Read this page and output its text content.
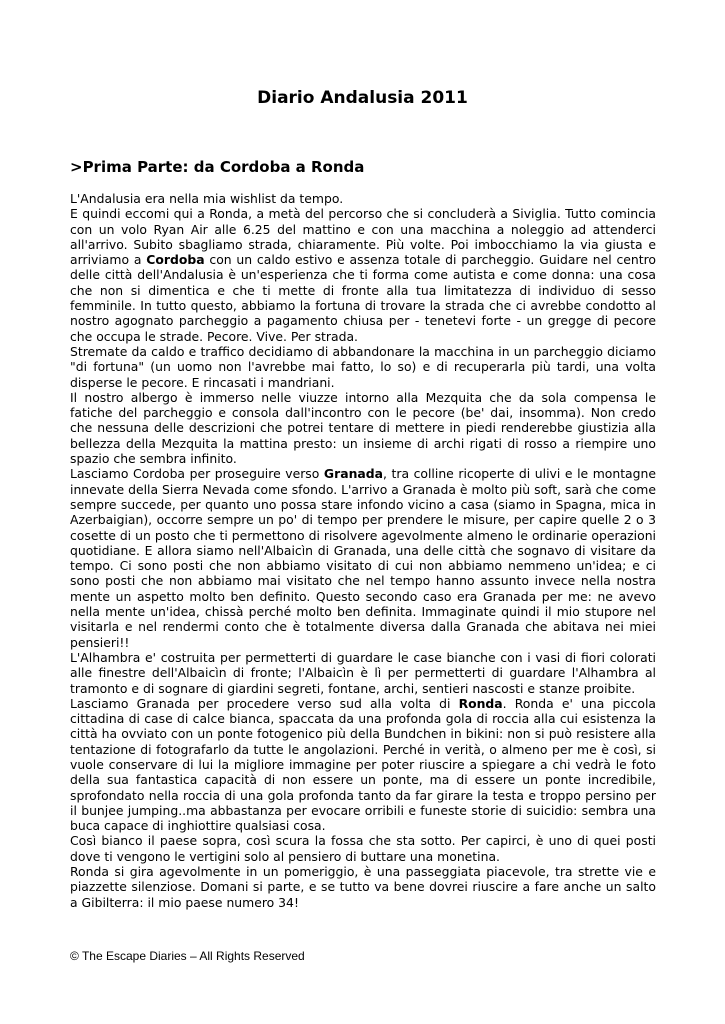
Diario Andalusia 2011
>Prima Parte: da Cordoba a Ronda

L'Andalusia era nella mia wishlist da tempo.

E quindi eccomi qui a Ronda, a metà del percorso che si concluderà a Siviglia. Tutto comincia con un volo Ryan Air alle 6.25 del mattino e con una macchina a noleggio ad attenderci all'arrivo. Subito sbagliamo strada, chiaramente. Più volte. Poi imbocchiamo la via giusta e arriviamo a Cordoba con un caldo estivo e assenza totale di parcheggio. Guidare nel centro delle città dell'Andalusia è un'esperienza che ti forma come autista e come donna: una cosa che non si dimentica e che ti mette di fronte alla tua limitatezza di individuo di sesso femminile. In tutto questo, abbiamo la fortuna di trovare la strada che ci avrebbe condotto al nostro agognato parcheggio a pagamento chiusa per - tenetevi forte - un gregge di pecore che occupa le strade. Pecore. Vive. Per strada.

Stremate da caldo e traffico decidiamo di abbandonare la macchina in un parcheggio diciamo "di fortuna" (un uomo non l'avrebbe mai fatto, lo so) e di recuperarla più tardi, una volta disperse le pecore. E rincasati i mandriani.

Il nostro albergo è immerso nelle viuzze intorno alla Mezquita che da sola compensa le fatiche del parcheggio e consola dall'incontro con le pecore (be' dai, insomma). Non credo che nessuna delle descrizioni che potrei tentare di mettere in piedi renderebbe giustizia alla bellezza della Mezquita la mattina presto: un insieme di archi rigati di rosso a riempire uno spazio che sembra infinito.

Lasciamo Cordoba per proseguire verso Granada, tra colline ricoperte di ulivi e le montagne innevate della Sierra Nevada come sfondo. L'arrivo a Granada è molto più soft, sarà che come sempre succede, per quanto uno possa stare infondo vicino a casa (siamo in Spagna, mica in Azerbaigian), occorre sempre un po' di tempo per prendere le misure, per capire quelle 2 o 3 cosette di un posto che ti permettono di risolvere agevolmente almeno le ordinarie operazioni quotidiane. E allora siamo nell'Albaicìn di Granada, una delle città che sognavo di visitare da tempo. Ci sono posti che non abbiamo visitato di cui non abbiamo nemmeno un'idea; e ci sono posti che non abbiamo mai visitato che nel tempo hanno assunto invece nella nostra mente un aspetto molto ben definito. Questo secondo caso era Granada per me: ne avevo nella mente un'idea, chissà perché molto ben definita. Immaginate quindi il mio stupore nel visitarla e nel rendermi conto che è totalmente diversa dalla Granada che abitava nei miei pensieri!!

L'Alhambra e' costruita per permetterti di guardare le case bianche con i vasi di fiori colorati alle finestre dell'Albaicìn di fronte; l'Albaicìn è lì per permetterti di guardare l'Alhambra al tramonto e di sognare di giardini segreti, fontane, archi, sentieri nascosti e stanze proibite.

Lasciamo Granada per procedere verso sud alla volta di Ronda. Ronda e' una piccola cittadina di case di calce bianca, spaccata da una profonda gola di roccia alla cui esistenza la città ha ovviato con un ponte fotogenico più della Bundchen in bikini: non si può resistere alla tentazione di fotografarlo da tutte le angolazioni. Perché in verità, o almeno per me è così, si vuole conservare di lui la migliore immagine per poter riuscire a spiegare a chi vedrà le foto della sua fantastica capacità di non essere un ponte, ma di essere un ponte incredibile, sprofondato nella roccia di una gola profonda tanto da far girare la testa e troppo persino per il bunjee jumping..ma abbastanza per evocare orribili e funeste storie di suicidio: sembra una buca capace di inghiottire qualsiasi cosa.

Così bianco il paese sopra, così scura la fossa che sta sotto. Per capirci, è uno di quei posti dove ti vengono le vertigini solo al pensiero di buttare una monetina.

Ronda si gira agevolmente in un pomeriggio, è una passeggiata piacevole, tra strette vie e piazzette silenziose. Domani si parte, e se tutto va bene dovrei riuscire a fare anche un salto a Gibilterra: il mio paese numero 34!

© The Escape Diaries – All Rights Reserved
